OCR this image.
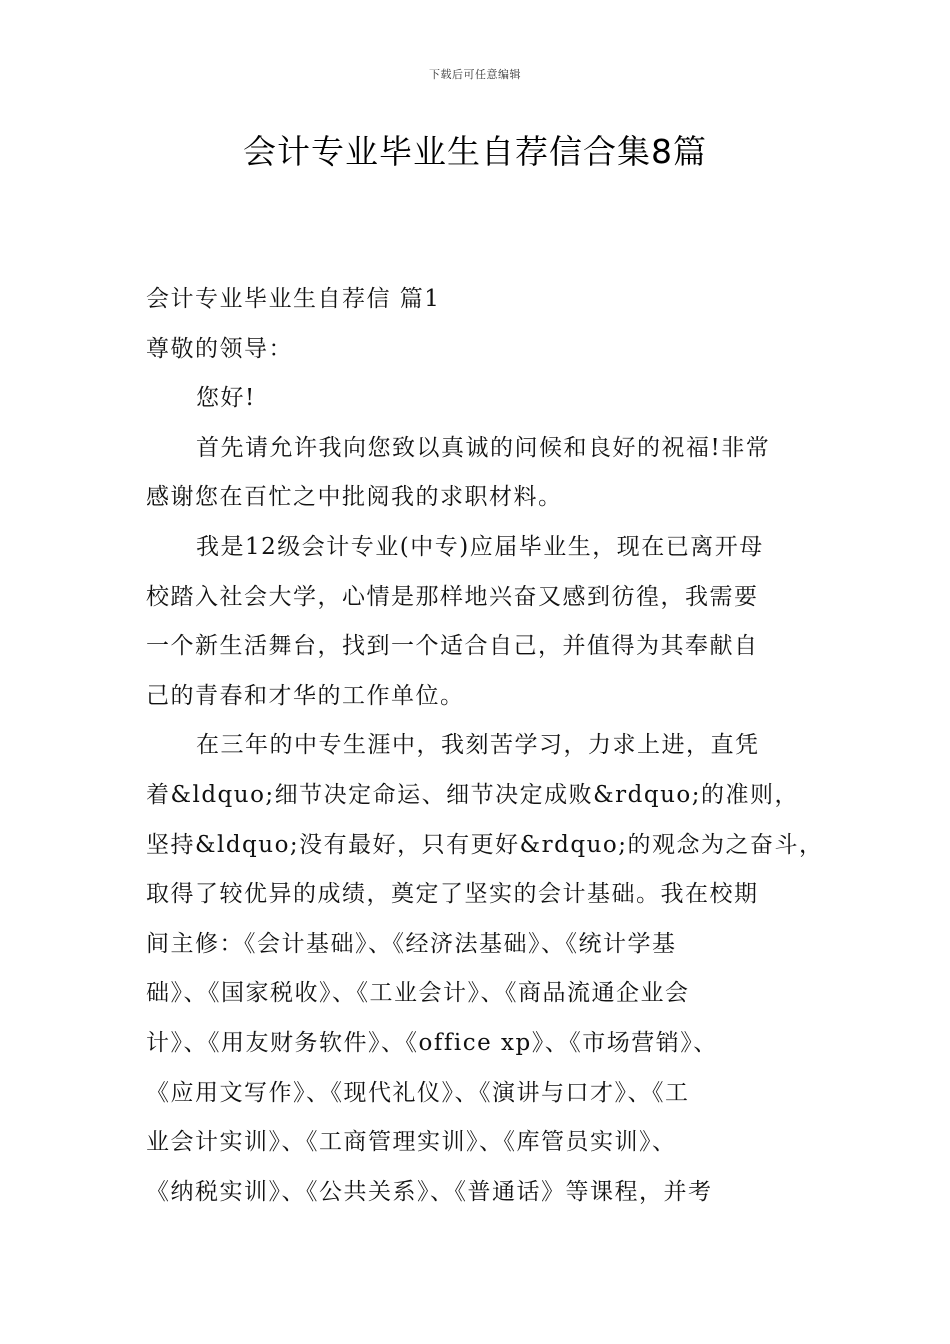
下载后可任意编辑
会计专业毕业生自荐信合集8篇

会计专业毕业生自荐信 篇1

尊敬的领导：

您好!

首先请允许我向您致以真诚的问候和良好的祝福!非常

感谢您在百忙之中批阅我的求职材料。

我是12级会计专业(中专)应届毕业生，现在已离开母

校踏入社会大学，心情是那样地兴奋又感到彷徨，我需要

一个新生活舞台，找到一个适合自己，并值得为其奉献自

己的青春和才华的工作单位。

在三年的中专生涯中，我刻苦学习，力求上进，直凭

着&ldquo;细节决定命运、细节决定成败&rdquo;的准则，

坚持&ldquo;没有最好，只有更好&rdquo;的观念为之奋斗，

取得了较优异的成绩，奠定了坚实的会计基础。我在校期

间主修：《会计基础》、《经济法基础》、《统计学基

础》、《国家税收》、《工业会计》、《商品流通企业会

计》、《用友财务软件》、《office xp》、《市场营销》、

《应用文写作》、《现代礼仪》、《演讲与口才》、《工

业会计实训》、《工商管理实训》、《库管员实训》、

《纳税实训》、《公共关系》、《普通话》等课程，并考
